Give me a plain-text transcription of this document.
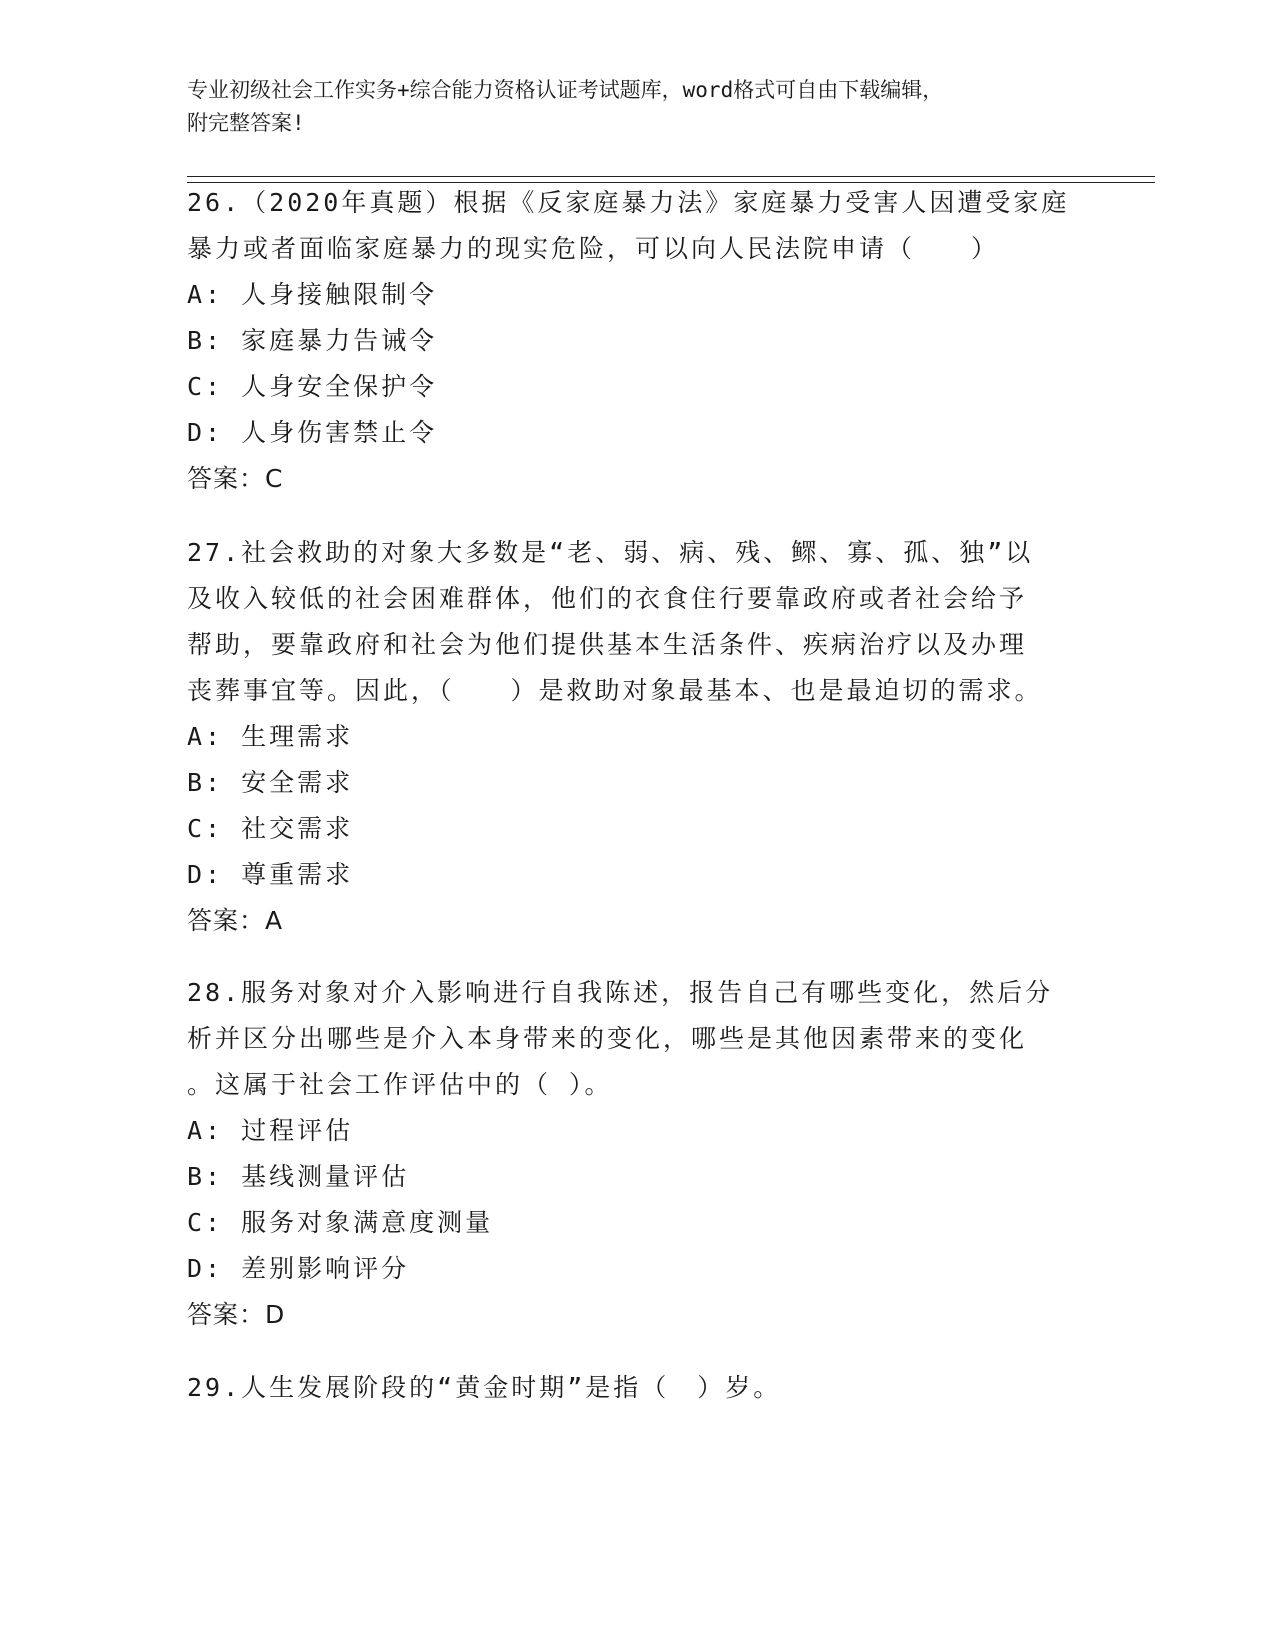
专业初级社会工作实务+综合能力资格认证考试题库，word格式可自由下载编辑，
附完整答案!
26.（2020年真题）根据《反家庭暴力法》家庭暴力受害人因遭受家庭
暴力或者面临家庭暴力的现实危险，可以向人民法院申请（　　）
A: 人身接触限制令
B: 家庭暴力告诫令
C: 人身安全保护令
D: 人身伤害禁止令
答案：C
27.社会救助的对象大多数是“老、弱、病、残、鳏、寡、孤、独”以
及收入较低的社会困难群体，他们的衣食住行要靠政府或者社会给予
帮助，要靠政府和社会为他们提供基本生活条件、疾病治疗以及办理
丧葬事宜等。因此，（　　）是救助对象最基本、也是最迫切的需求。
A: 生理需求
B: 安全需求
C: 社交需求
D: 尊重需求
答案：A
28.服务对象对介入影响进行自我陈述，报告自己有哪些变化，然后分
析并区分出哪些是介入本身带来的变化，哪些是其他因素带来的变化
。这属于社会工作评估中的（ ）。
A: 过程评估
B: 基线测量评估
C: 服务对象满意度测量
D: 差别影响评分
答案：D
29.人生发展阶段的“黄金时期”是指（　）岁。
